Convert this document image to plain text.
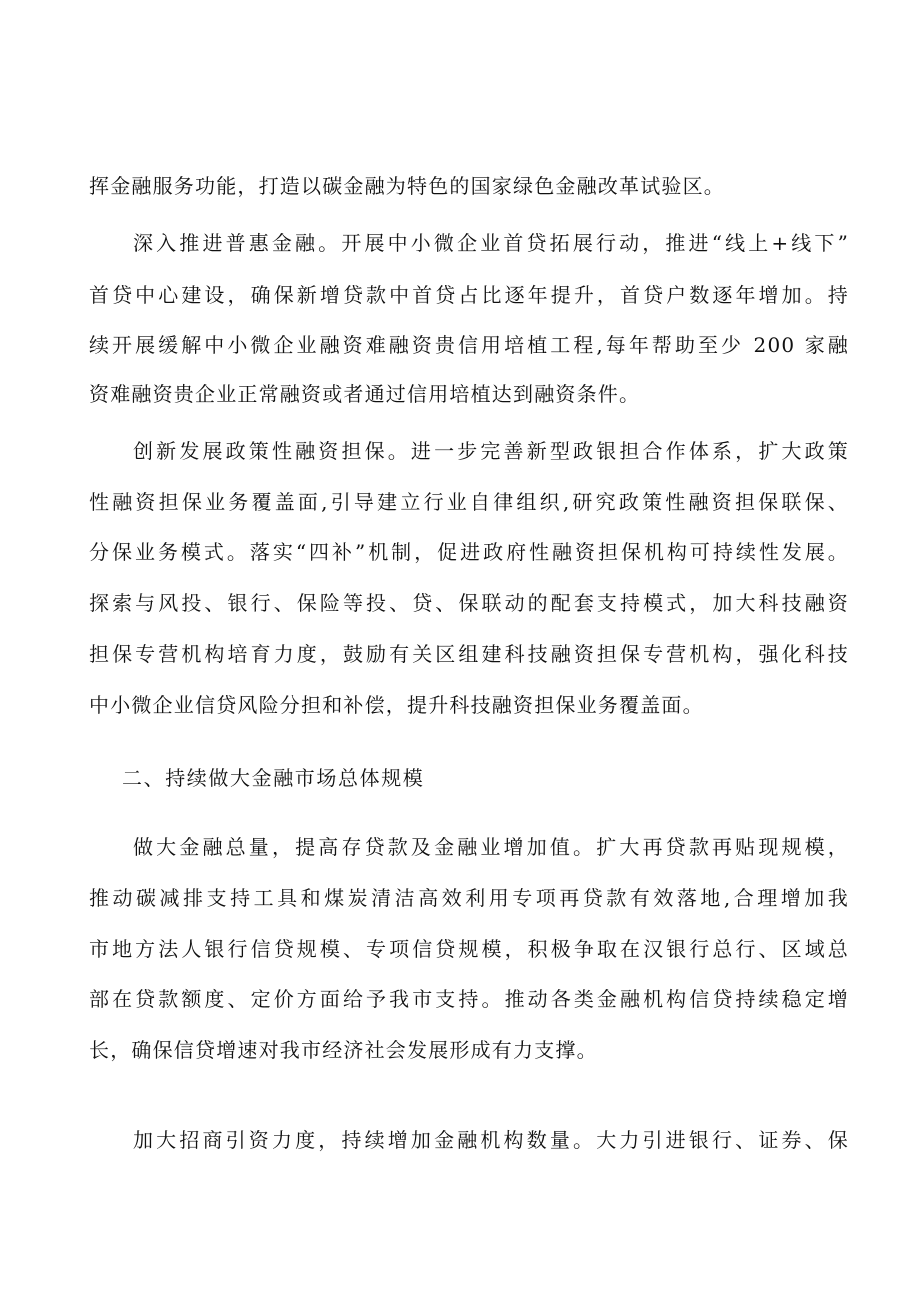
挥金融服务功能，打造以碳金融为特色的国家绿色金融改革试验区。
深入推进普惠金融。开展中小微企业首贷拓展行动，推进“线上+线下”
首贷中心建设，确保新增贷款中首贷占比逐年提升，首贷户数逐年增加。持
续开展缓解中小微企业融资难融资贵信用培植工程,每年帮助至少 200 家融
资难融资贵企业正常融资或者通过信用培植达到融资条件。
创新发展政策性融资担保。进一步完善新型政银担合作体系，扩大政策
性融资担保业务覆盖面,引导建立行业自律组织,研究政策性融资担保联保、
分保业务模式。落实“四补”机制，促进政府性融资担保机构可持续性发展。
探索与风投、银行、保险等投、贷、保联动的配套支持模式，加大科技融资
担保专营机构培育力度，鼓励有关区组建科技融资担保专营机构，强化科技
中小微企业信贷风险分担和补偿，提升科技融资担保业务覆盖面。
二、持续做大金融市场总体规模
做大金融总量，提高存贷款及金融业增加值。扩大再贷款再贴现规模，
推动碳减排支持工具和煤炭清洁高效利用专项再贷款有效落地,合理增加我
市地方法人银行信贷规模、专项信贷规模，积极争取在汉银行总行、区域总
部在贷款额度、定价方面给予我市支持。推动各类金融机构信贷持续稳定增
长，确保信贷增速对我市经济社会发展形成有力支撑。
加大招商引资力度，持续增加金融机构数量。大力引进银行、证券、保
